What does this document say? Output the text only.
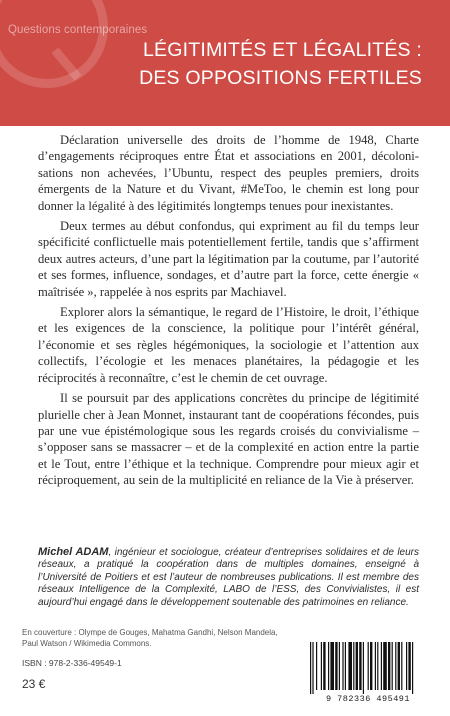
Questions contemporaines
LÉGITIMITÉS ET LÉGALITÉS :
DES OPPOSITIONS FERTILES

Déclaration universelle des droits de l’homme de 1948, Charte d’engagements réciproques entre État et associations en 2001, décoloni-sations non achevées, l’Ubuntu, respect des peuples premiers, droits émergents de la Nature et du Vivant, #MeToo, le chemin est long pour donner la légalité à des légitimités longtemps tenues pour inexistantes.

Deux termes au début confondus, qui expriment au fil du temps leur spécificité conflictuelle mais potentiellement fertile, tandis que s’affirment deux autres acteurs, d’une part la légitimation par la coutume, par l’autorité et ses formes, influence, sondages, et d’autre part la force, cette énergie « maîtrisée », rappelée à nos esprits par Machiavel.

Explorer alors la sémantique, le regard de l’Histoire, le droit, l’éthique et les exigences de la conscience, la politique pour l’intérêt général, l’économie et ses règles hégémoniques, la sociologie et l’attention aux collectifs, l’écologie et les menaces planétaires, la pédagogie et les réciprocités à reconnaître, c’est le chemin de cet ouvrage.

Il se poursuit par des applications concrètes du principe de légitimité plurielle cher à Jean Monnet, instaurant tant de coopérations fécondes, puis par une vue épistémologique sous les regards croisés du convivialisme – s’opposer sans se massacrer – et de la complexité en action entre la partie et le Tout, entre l’éthique et la technique. Comprendre pour mieux agir et réciproquement, au sein de la multiplicité en reliance de la Vie à préserver.

Michel ADAM, ingénieur et sociologue, créateur d’entreprises solidaires et de leurs réseaux, a pratiqué la coopération dans de multiples domaines, enseigné à l’Université de Poitiers et est l’auteur de nombreuses publications. Il est membre des réseaux Intelligence de la Complexité, LABO de l’ESS, des Convivialistes, il est aujourd’hui engagé dans le développement soutenable des patrimoines en reliance.
En couverture : Olympe de Gouges, Mahatma Gandhi, Nelson Mandela, Paul Watson / Wikimedia Commons.
ISBN : 978-2-336-49549-1
23 €
9 782336 495491
